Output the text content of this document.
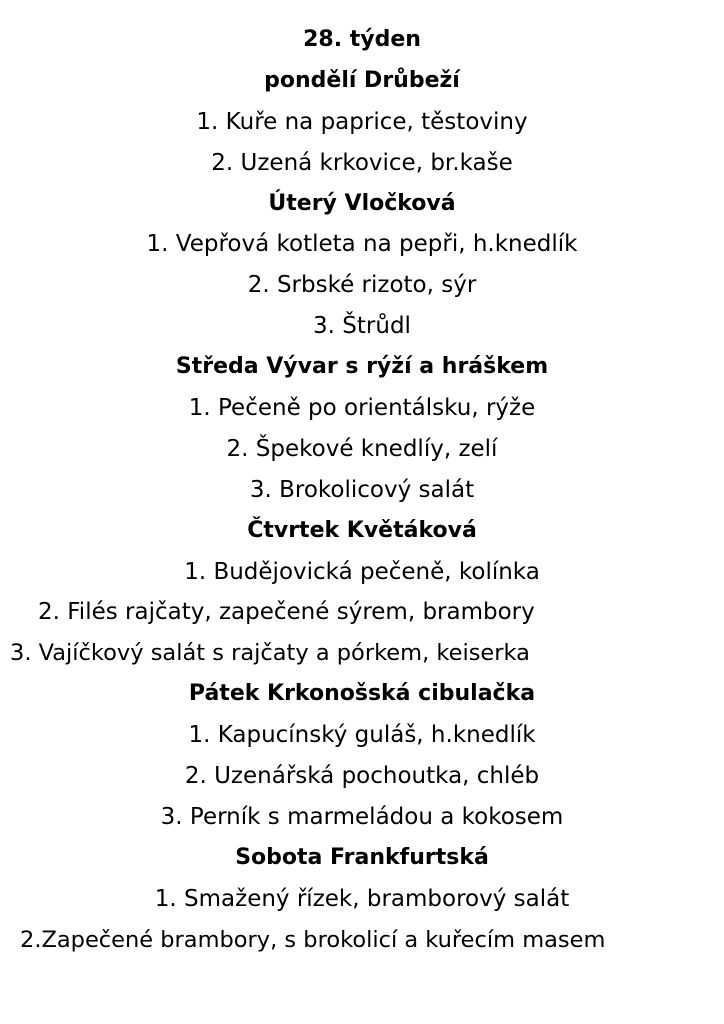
28. týden
pondělí Drůbeží
1. Kuře na paprice, těstoviny
2. Uzená krkovice, br.kaše
Úterý Vločková
1. Vepřová kotleta na pepři, h.knedlík
2. Srbské rizoto, sýr
3. Štrůdl
Středa Vývar s rýží a hráškem
1. Pečeně po orientálsku, rýže
2. Špekové knedlíy, zelí
3. Brokolicový salát
Čtvrtek Květáková
1. Budějovická pečeně, kolínka
2. Filés rajčaty, zapečené sýrem, brambory
3. Vajíčkový salát s rajčaty a pórkem, keiserka
Pátek Krkonošská cibulačka
1. Kapucínský guláš, h.knedlík
2. Uzenářská pochoutka, chléb
3. Perník s marmeládou a kokosem
Sobota Frankfurtská
1. Smažený řízek, bramborový salát
2.Zapečené brambory, s brokolicí a kuřecím masem
